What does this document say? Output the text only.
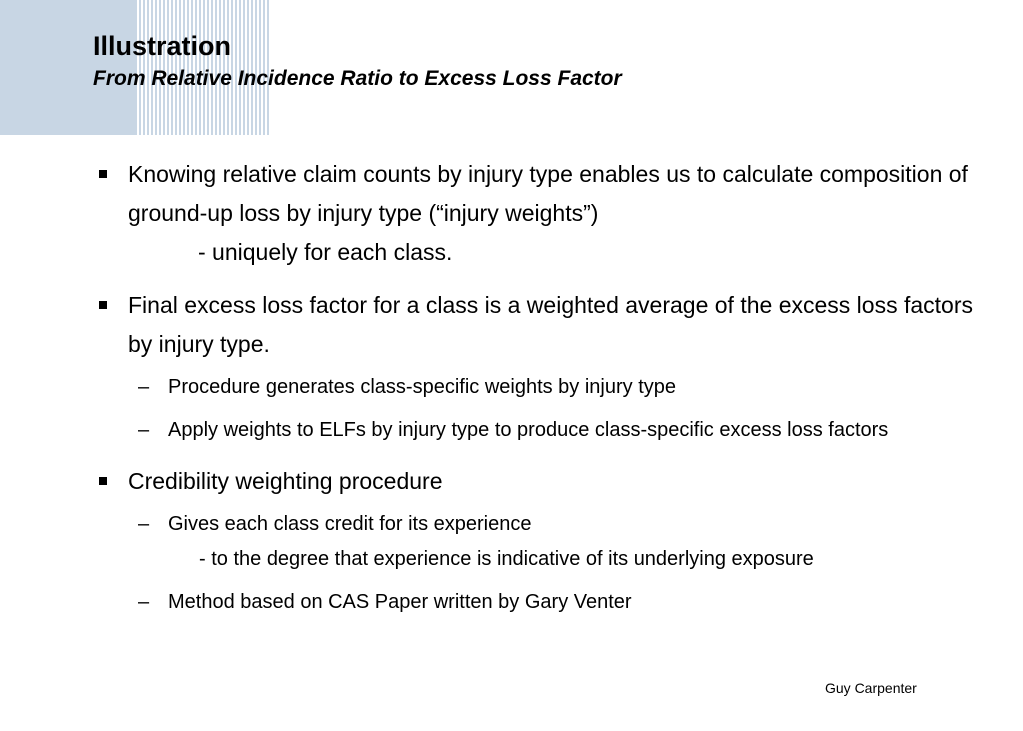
Illustration
From Relative Incidence Ratio to Excess Loss Factor
Knowing relative claim counts by injury type enables us to calculate composition of ground-up loss by injury type (“injury weights”)
- uniquely for each class.
Final excess loss factor for a class is a weighted average of the excess loss factors by injury type.
– Procedure generates class-specific weights by injury type
– Apply weights to ELFs by injury type to produce class-specific excess loss factors
Credibility weighting procedure
– Gives each class credit for its experience
- to the degree that experience is indicative of its underlying exposure
– Method based on CAS Paper written by Gary Venter
Guy Carpenter
